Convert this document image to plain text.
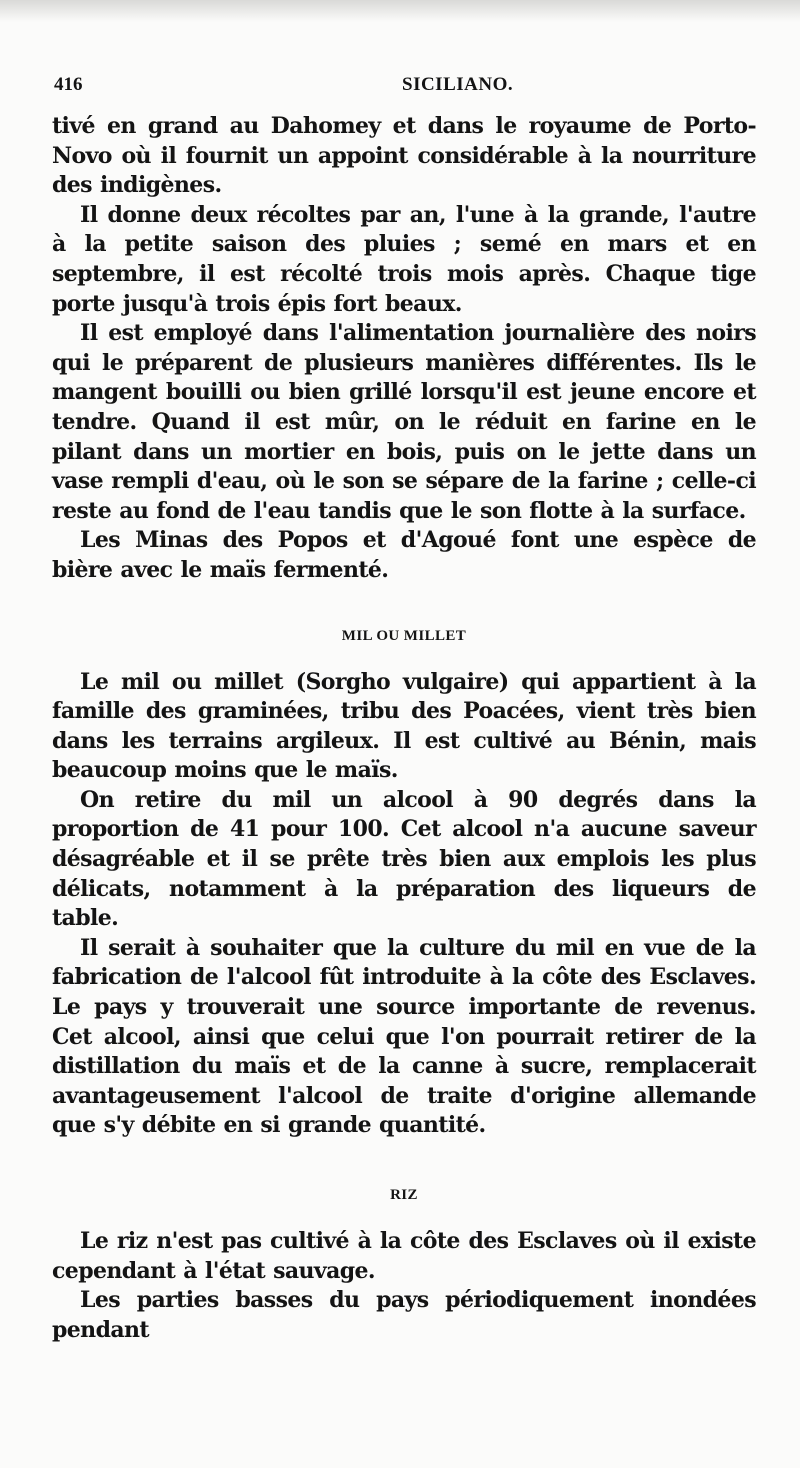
416	SICILIANO.

tivé en grand au Dahomey et dans le royaume de Porto-Novo où il fournit un appoint considérable à la nourriture des indigènes.

Il donne deux récoltes par an, l'une à la grande, l'autre à la petite saison des pluies ; semé en mars et en septembre, il est récolté trois mois après. Chaque tige porte jusqu'à trois épis fort beaux.

Il est employé dans l'alimentation journalière des noirs qui le préparent de plusieurs manières différentes. Ils le mangent bouilli ou bien grillé lorsqu'il est jeune encore et tendre. Quand il est mûr, on le réduit en farine en le pilant dans un mortier en bois, puis on le jette dans un vase rempli d'eau, où le son se sépare de la farine ; celle-ci reste au fond de l'eau tandis que le son flotte à la surface.

Les Minas des Popos et d'Agoué font une espèce de bière avec le maïs fermenté.

MIL OU MILLET

Le mil ou millet (Sorgho vulgaire) qui appartient à la famille des graminées, tribu des Poacées, vient très bien dans les terrains argileux. Il est cultivé au Bénin, mais beaucoup moins que le maïs.

On retire du mil un alcool à 90 degrés dans la proportion de 41 pour 100. Cet alcool n'a aucune saveur désagréable et il se prête très bien aux emplois les plus délicats, notamment à la préparation des liqueurs de table.

Il serait à souhaiter que la culture du mil en vue de la fabrication de l'alcool fût introduite à la côte des Esclaves. Le pays y trouverait une source importante de revenus. Cet alcool, ainsi que celui que l'on pourrait retirer de la distillation du maïs et de la canne à sucre, remplacerait avantageusement l'alcool de traite d'origine allemande que s'y débite en si grande quantité.

RIZ

Le riz n'est pas cultivé à la côte des Esclaves où il existe cependant à l'état sauvage.

Les parties basses du pays périodiquement inondées pendant
